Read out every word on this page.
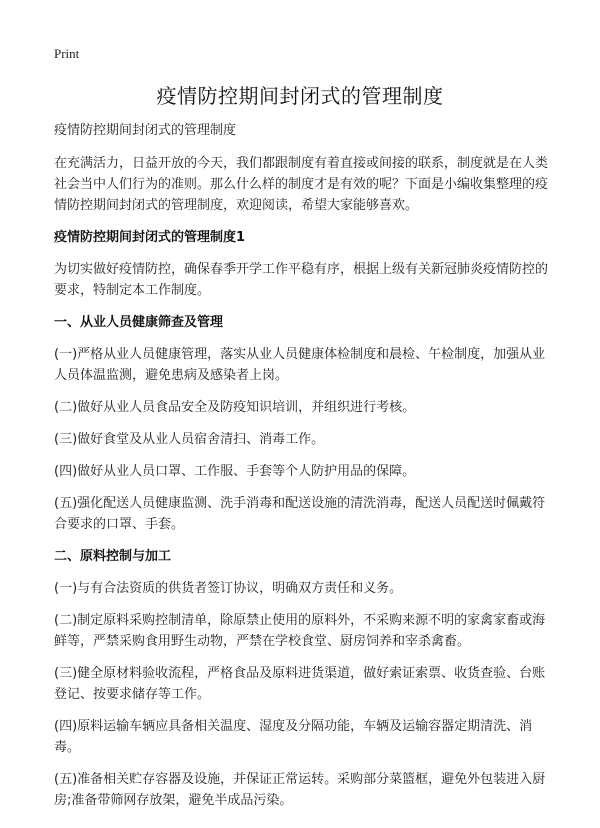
Print
疫情防控期间封闭式的管理制度

疫情防控期间封闭式的管理制度

在充满活力，日益开放的今天，我们都跟制度有着直接或间接的联系，制度就是在人类社会当中人们行为的准则。那么什么样的制度才是有效的呢？下面是小编收集整理的疫情防控期间封闭式的管理制度，欢迎阅读，希望大家能够喜欢。

疫情防控期间封闭式的管理制度1

为切实做好疫情防控，确保春季开学工作平稳有序，根据上级有关新冠肺炎疫情防控的要求，特制定本工作制度。

一、从业人员健康筛查及管理

(一)严格从业人员健康管理，落实从业人员健康体检制度和晨检、午检制度，加强从业人员体温监测，避免患病及感染者上岗。

(二)做好从业人员食品安全及防疫知识培训，并组织进行考核。

(三)做好食堂及从业人员宿舍清扫、消毒工作。

(四)做好从业人员口罩、工作服、手套等个人防护用品的保障。

(五)强化配送人员健康监测、洗手消毒和配送设施的清洗消毒，配送人员配送时佩戴符合要求的口罩、手套。

二、原料控制与加工

(一)与有合法资质的供货者签订协议，明确双方责任和义务。

(二)制定原料采购控制清单，除原禁止使用的原料外，不采购来源不明的家禽家畜或海鲜等，严禁采购食用野生动物，严禁在学校食堂、厨房饲养和宰杀禽畜。

(三)健全原材料验收流程，严格食品及原料进货渠道，做好索证索票、收货查验、台账登记、按要求储存等工作。

(四)原料运输车辆应具备相关温度、湿度及分隔功能，车辆及运输容器定期清洗、消毒。

(五)准备相关贮存容器及设施，并保证正常运转。采购部分菜篮框，避免外包装进入厨房;准备带筛网存放架，避免半成品污染。
